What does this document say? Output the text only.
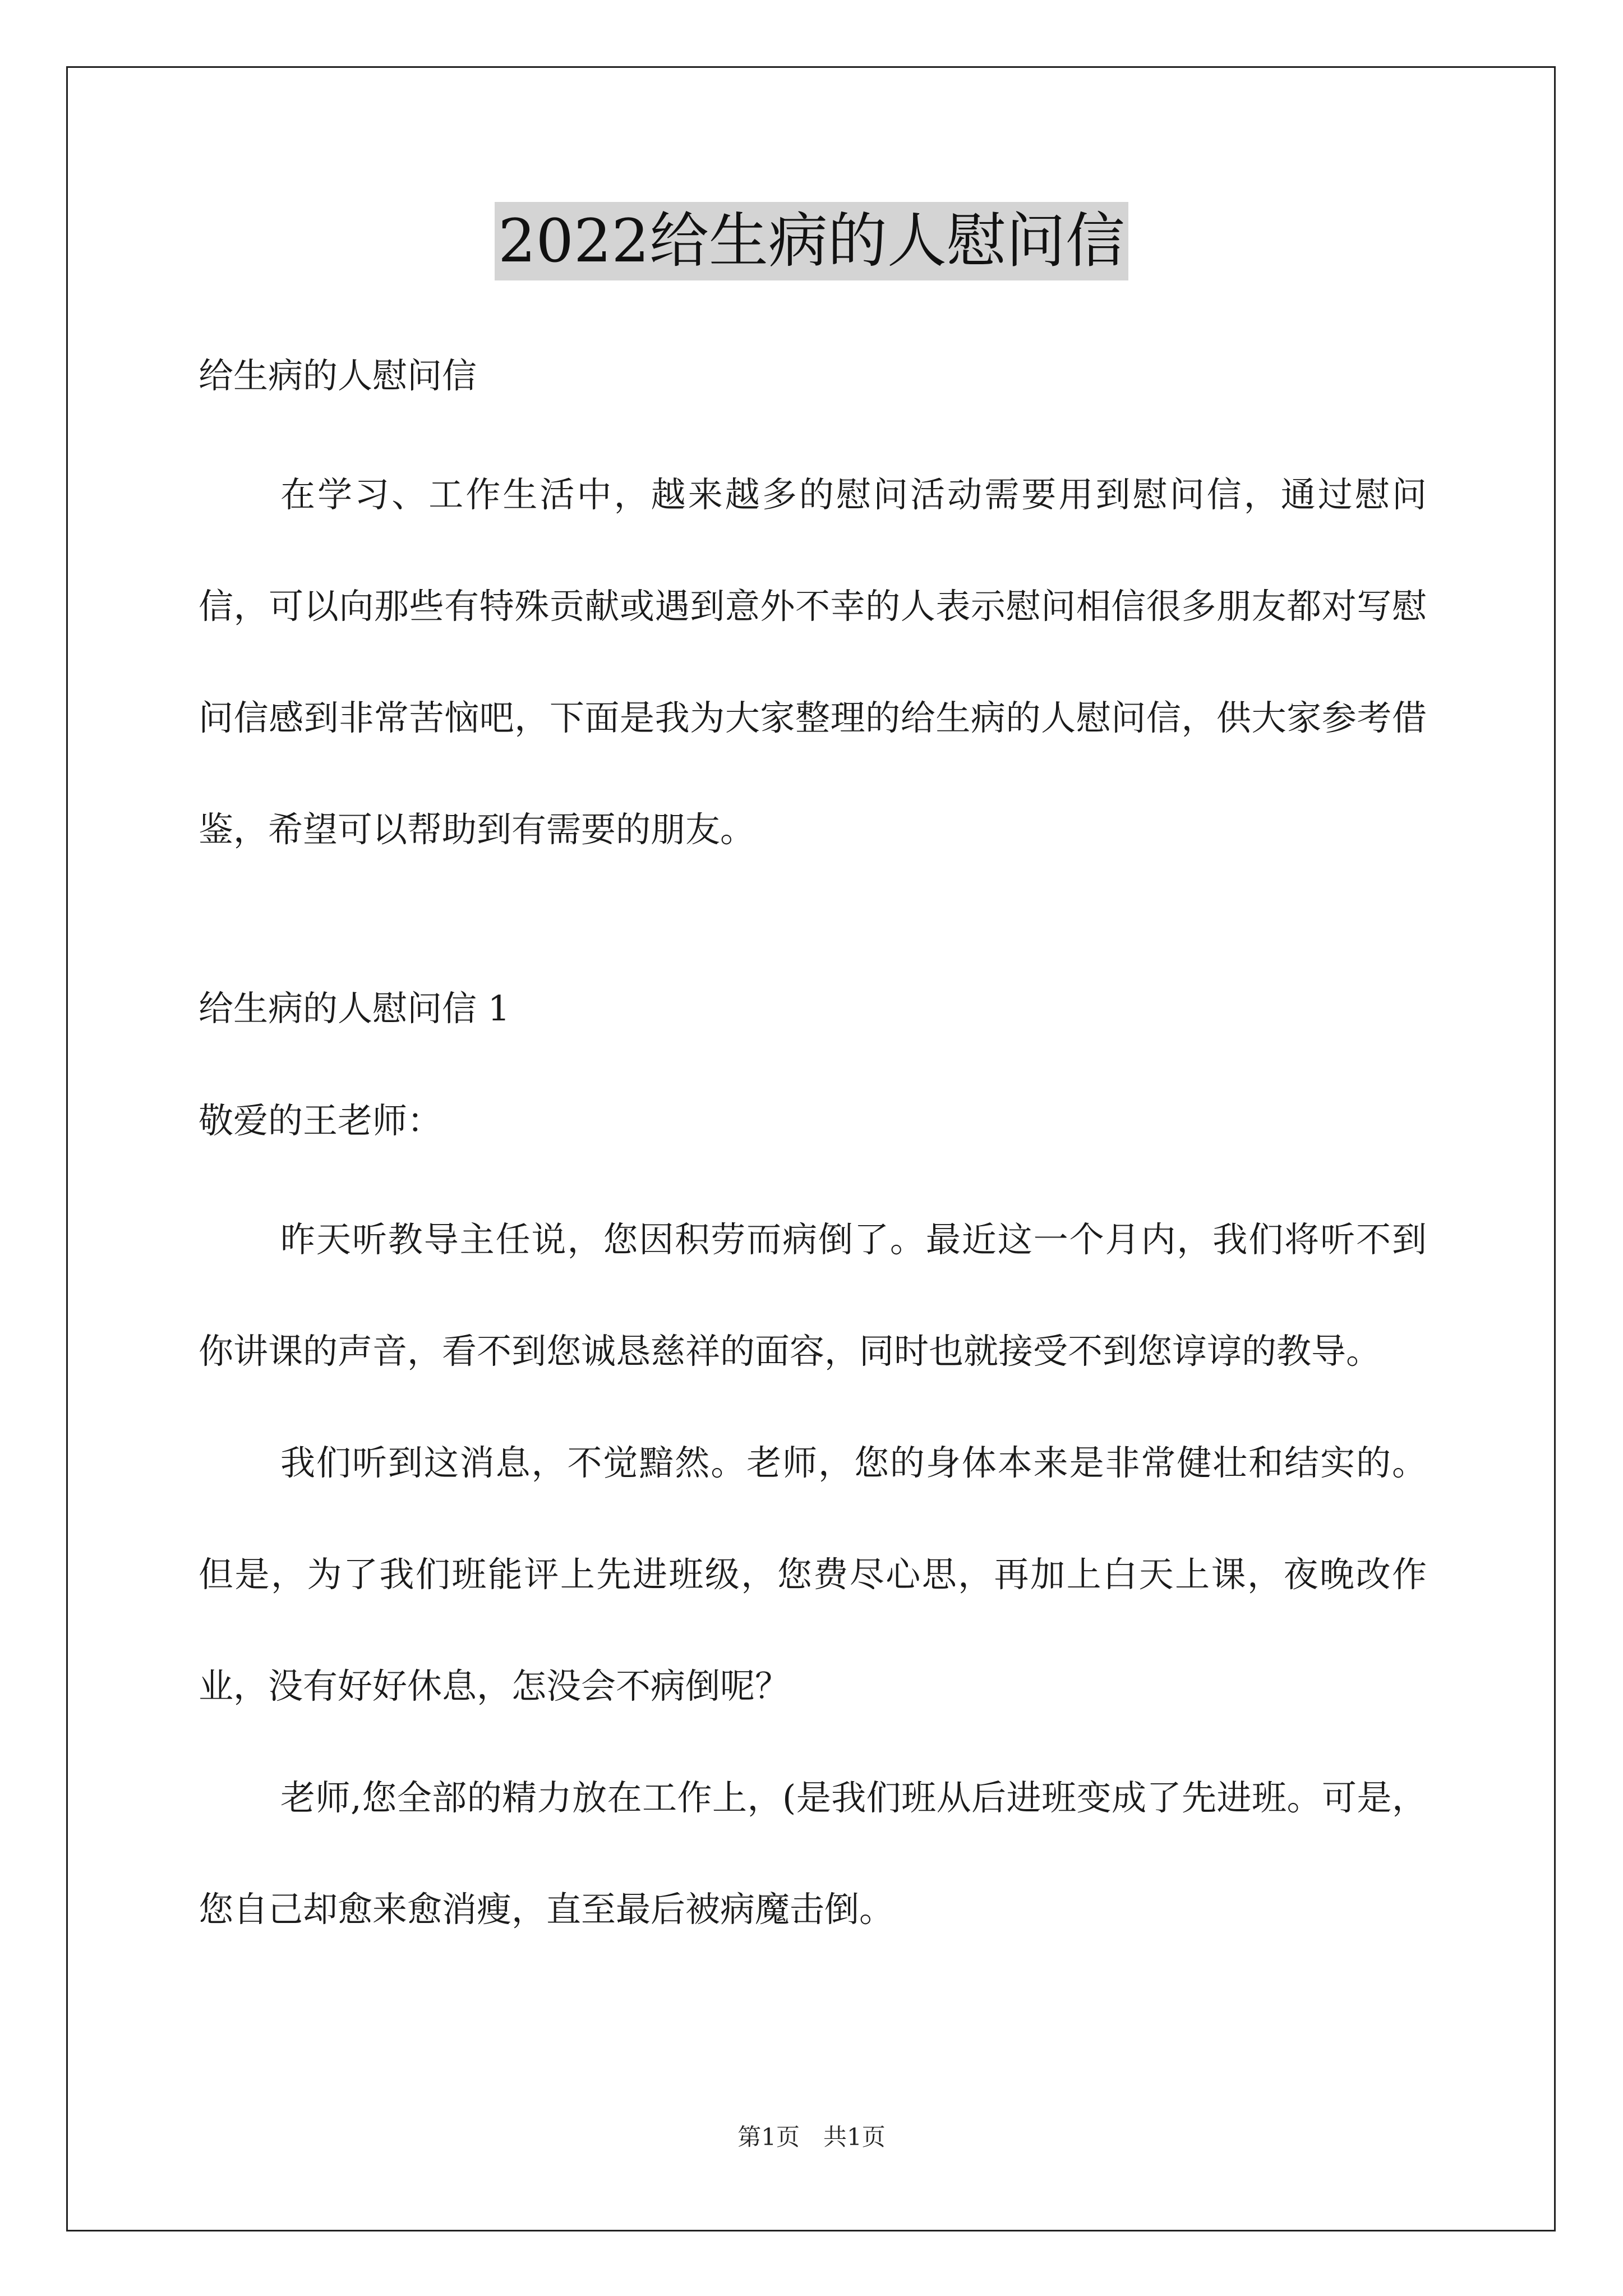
2022给生病的人慰问信
给生病的人慰问信

在学习、工作生活中，越来越多的慰问活动需要用到慰问信，通过慰问信，可以向那些有特殊贡献或遇到意外不幸的人表示慰问相信很多朋友都对写慰问信感到非常苦恼吧，下面是我为大家整理的给生病的人慰问信，供大家参考借鉴，希望可以帮助到有需要的朋友。

给生病的人慰问信 1
敬爱的王老师：

昨天听教导主任说，您因积劳而病倒了。最近这一个月内，我们将听不到你讲课的声音，看不到您诚恳慈祥的面容，同时也就接受不到您谆谆的教导。

我们听到这消息，不觉黯然。老师，您的身体本来是非常健壮和结实的。但是，为了我们班能评上先进班级，您费尽心思，再加上白天上课，夜晚改作业，没有好好休息，怎没会不病倒呢？

老师,您全部的精力放在工作上，(是我们班从后进班变成了先进班。可是，您自己却愈来愈消瘦，直至最后被病魔击倒。

第1页　共1页
